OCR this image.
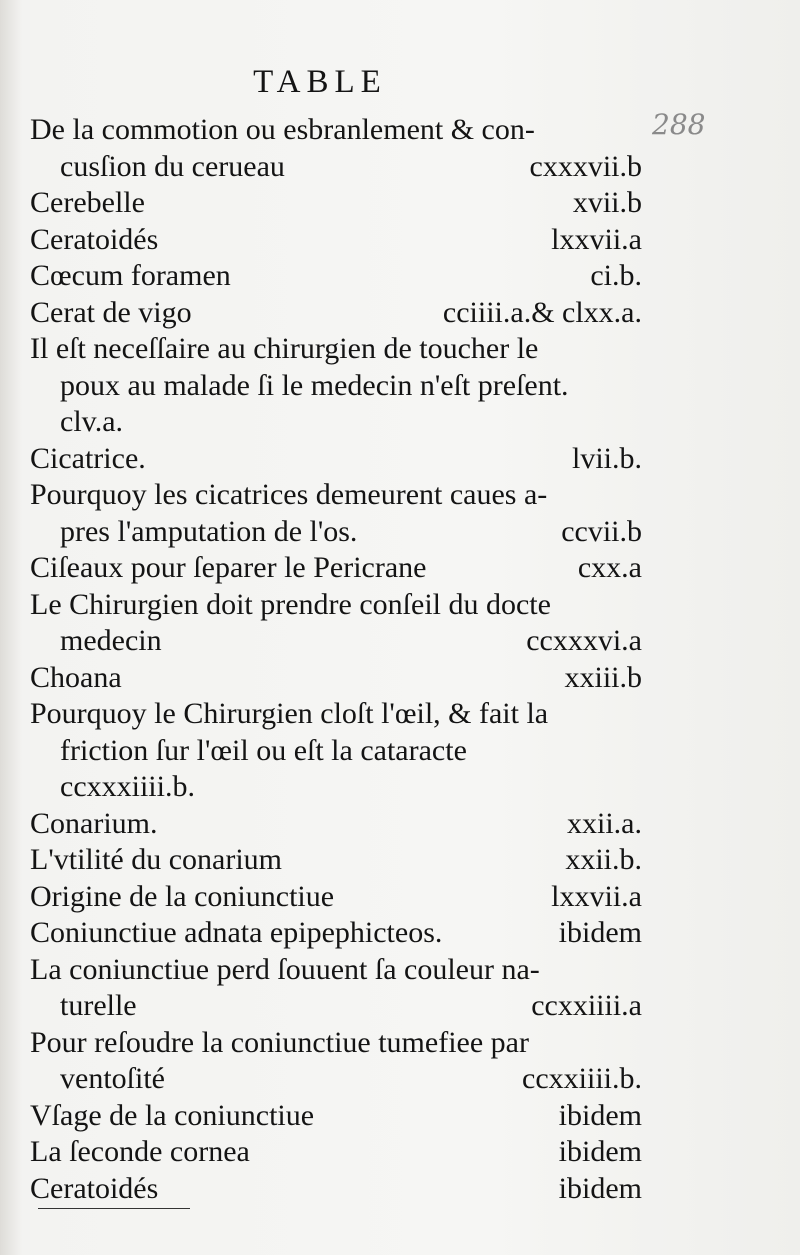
TABLE
288
De la commotion ou esbranlement & con-
cusſion du cerueau	cxxxvii.b
Cerebelle	xvii.b
Ceratoidés	lxxvii.a
Cœcum foramen	ci.b.
Cerat de vigo	cciiii.a.& clxx.a.
Il eſt neceſſaire au chirurgien de toucher le
poux au malade ſi le medecin n'eſt preſent.
clv.a.
Cicatrice.	lvii.b.
Pourquoy les cicatrices demeurent caues a-
pres l'amputation de l'os.	ccvii.b
Ciſeaux pour ſeparer le Pericrane	cxx.a
Le Chirurgien doit prendre conſeil du docte
medecin	ccxxxvi.a
Choana	xxiii.b
Pourquoy le Chirurgien cloſt l'œil, & fait la
friction ſur l'œil ou eſt la cataracte
ccxxxiiii.b.
Conarium.	xxii.a.
L'vtilité du conarium	xxii.b.
Origine de la coniunctiue	lxxvii.a
Coniunctiue adnata epipephicteos.	ibidem
La coniunctiue perd ſouuent ſa couleur na-
turelle	ccxxiiii.a
Pour reſoudre la coniunctiue tumefiee par
ventoſité	ccxxiiii.b.
Vſage de la coniunctiue	ibidem
La ſeconde cornea	ibidem
Ceratoidés	ibidem
